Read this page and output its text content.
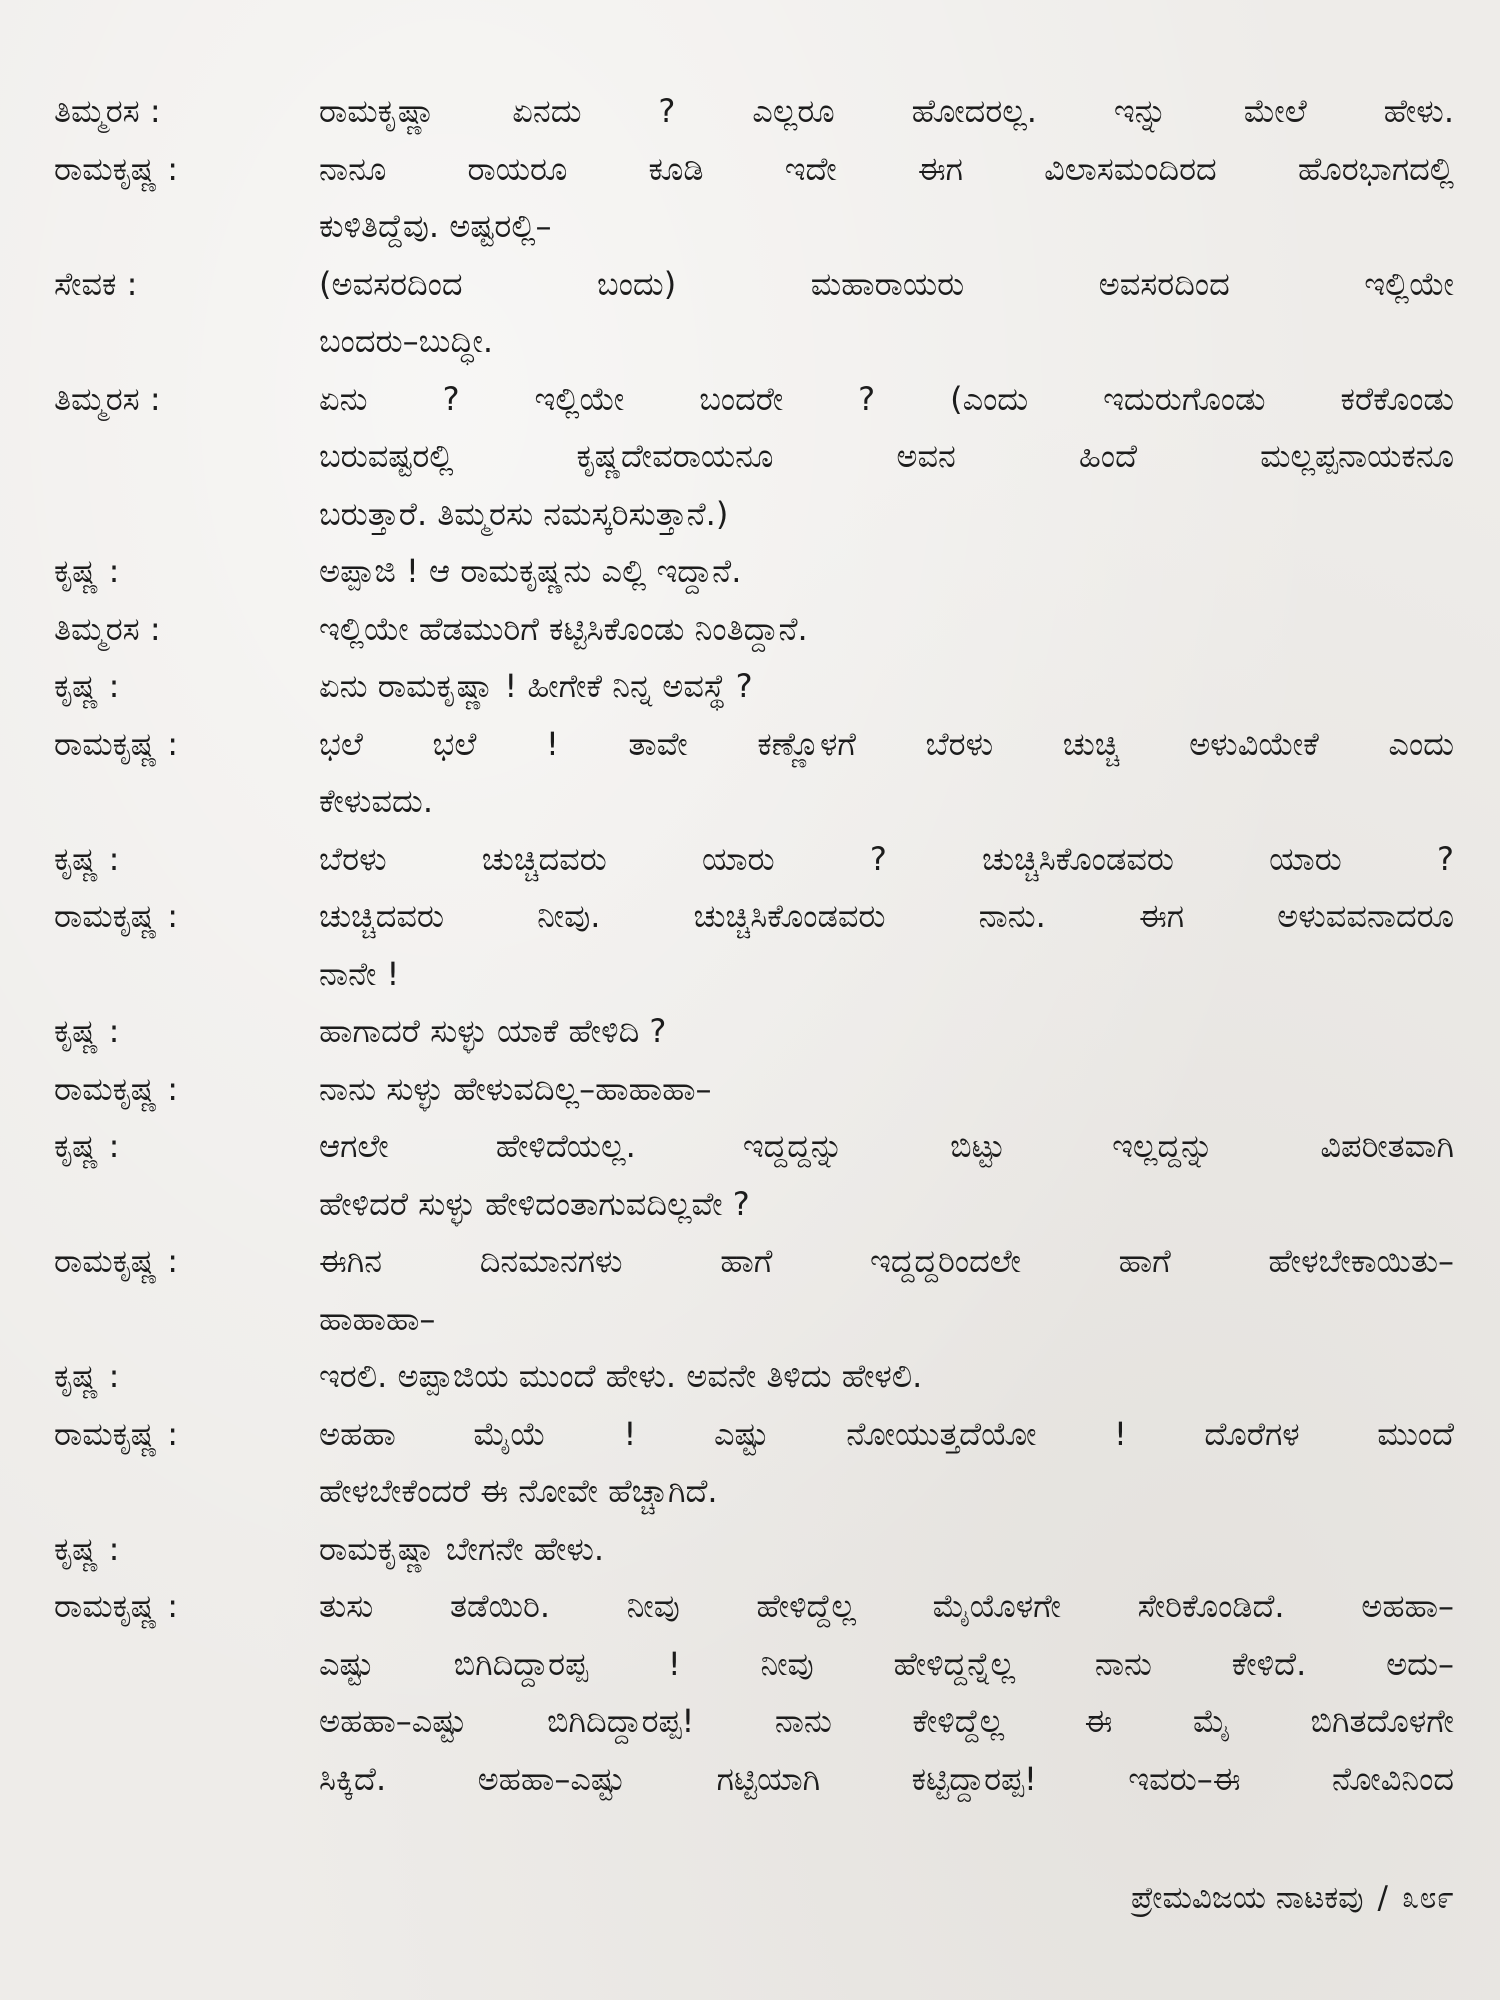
ತಿಮ್ಮರಸ :	ರಾಮಕೃಷ್ಣಾ ಏನದು ? ಎಲ್ಲರೂ ಹೋದರಲ್ಲ. ಇನ್ನು ಮೇಲೆ ಹೇಳು.
ರಾಮಕೃಷ್ಣ :	ನಾನೂ ರಾಯರೂ ಕೂಡಿ ಇದೇ ಈಗ ವಿಲಾಸಮಂದಿರದ ಹೊರಭಾಗದಲ್ಲಿ
ಕುಳಿತಿದ್ದೆವು. ಅಷ್ಟರಲ್ಲಿ–
ಸೇವಕ :	(ಅವಸರದಿಂದ ಬಂದು) ಮಹಾರಾಯರು ಅವಸರದಿಂದ ಇಲ್ಲಿಯೇ
ಬಂದರು–ಬುದ್ಧೀ.
ತಿಮ್ಮರಸ :	ಏನು ? ಇಲ್ಲಿಯೇ ಬಂದರೇ ? (ಎಂದು ಇದುರುಗೊಂಡು ಕರೆಕೊಂಡು
ಬರುವಷ್ಟರಲ್ಲಿ ಕೃಷ್ಣದೇವರಾಯನೂ ಅವನ ಹಿಂದೆ ಮಲ್ಲಪ್ಪನಾಯಕನೂ
ಬರುತ್ತಾರೆ. ತಿಮ್ಮರಸು ನಮಸ್ಕರಿಸುತ್ತಾನೆ.)
ಕೃಷ್ಣ :	ಅಪ್ಪಾಜಿ ! ಆ ರಾಮಕೃಷ್ಣನು ಎಲ್ಲಿ ಇದ್ದಾನೆ.
ತಿಮ್ಮರಸ :	ಇಲ್ಲಿಯೇ ಹೆಡಮುರಿಗೆ ಕಟ್ಟಿಸಿಕೊಂಡು ನಿಂತಿದ್ದಾನೆ.
ಕೃಷ್ಣ :	ಏನು ರಾಮಕೃಷ್ಣಾ ! ಹೀಗೇಕೆ ನಿನ್ನ ಅವಸ್ಥೆ ?
ರಾಮಕೃಷ್ಣ :	ಭಲೆ ಭಲೆ ! ತಾವೇ ಕಣ್ಣೊಳಗೆ ಬೆರಳು ಚುಚ್ಚಿ ಅಳುವಿಯೇಕೆ ಎಂದು
ಕೇಳುವದು.
ಕೃಷ್ಣ :	ಬೆರಳು ಚುಚ್ಚಿದವರು ಯಾರು ? ಚುಚ್ಚಿಸಿಕೊಂಡವರು ಯಾರು ?
ರಾಮಕೃಷ್ಣ :	ಚುಚ್ಚಿದವರು ನೀವು. ಚುಚ್ಚಿಸಿಕೊಂಡವರು ನಾನು. ಈಗ ಅಳುವವನಾದರೂ
ನಾನೇ !
ಕೃಷ್ಣ :	ಹಾಗಾದರೆ ಸುಳ್ಳು ಯಾಕೆ ಹೇಳಿದಿ ?
ರಾಮಕೃಷ್ಣ :	ನಾನು ಸುಳ್ಳು ಹೇಳುವದಿಲ್ಲ–ಹಾಹಾಹಾ–
ಕೃಷ್ಣ :	ಆಗಲೇ ಹೇಳಿದೆಯಲ್ಲ. ಇದ್ದದ್ದನ್ನು ಬಿಟ್ಟು ಇಲ್ಲದ್ದನ್ನು ವಿಪರೀತವಾಗಿ
ಹೇಳಿದರೆ ಸುಳ್ಳು ಹೇಳಿದಂತಾಗುವದಿಲ್ಲವೇ ?
ರಾಮಕೃಷ್ಣ :	ಈಗಿನ ದಿನಮಾನಗಳು ಹಾಗೆ ಇದ್ದದ್ದರಿಂದಲೇ ಹಾಗೆ ಹೇಳಬೇಕಾಯಿತು–
ಹಾಹಾಹಾ–
ಕೃಷ್ಣ :	ಇರಲಿ. ಅಪ್ಪಾಜಿಯ ಮುಂದೆ ಹೇಳು. ಅವನೇ ತಿಳಿದು ಹೇಳಲಿ.
ರಾಮಕೃಷ್ಣ :	ಅಹಹಾ ಮೈಯೆ ! ಎಷ್ಟು ನೋಯುತ್ತದೆಯೋ ! ದೊರೆಗಳ ಮುಂದೆ
ಹೇಳಬೇಕೆಂದರೆ ಈ ನೋವೇ ಹೆಚ್ಚಾಗಿದೆ.
ಕೃಷ್ಣ :	ರಾಮಕೃಷ್ಣಾ ಬೇಗನೇ ಹೇಳು.
ರಾಮಕೃಷ್ಣ :	ತುಸು ತಡೆಯಿರಿ. ನೀವು ಹೇಳಿದ್ದೆಲ್ಲ ಮೈಯೊಳಗೇ ಸೇರಿಕೊಂಡಿದೆ. ಅಹಹಾ–
ಎಷ್ಟು ಬಿಗಿದಿದ್ದಾರಪ್ಪ ! ನೀವು ಹೇಳಿದ್ದನ್ನೆಲ್ಲ ನಾನು ಕೇಳಿದೆ. ಅದು–
ಅಹಹಾ–ಎಷ್ಟು ಬಿಗಿದಿದ್ದಾರಪ್ಪ! ನಾನು ಕೇಳಿದ್ದೆಲ್ಲ ಈ ಮೈ ಬಿಗಿತದೊಳಗೇ
ಸಿಕ್ಕಿದೆ. ಅಹಹಾ–ಎಷ್ಟು ಗಟ್ಟಿಯಾಗಿ ಕಟ್ಟಿದ್ದಾರಪ್ಪ! ಇವರು–ಈ ನೋವಿನಿಂದ
ಪ್ರೇಮವಿಜಯ ನಾಟಕವು / ೩೮೯
